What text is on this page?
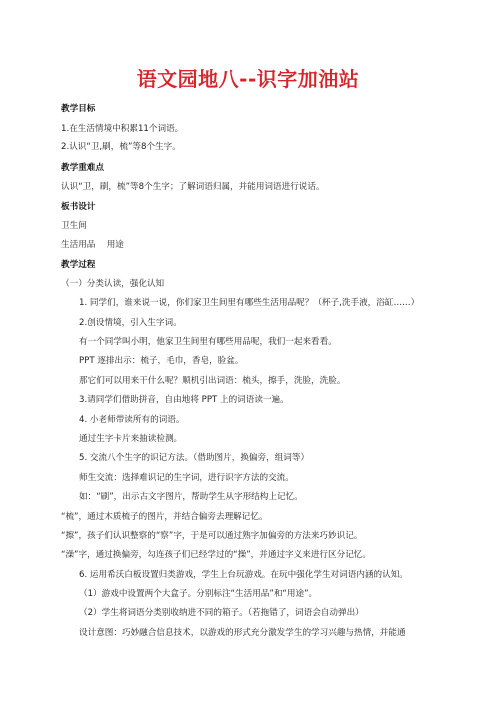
语文园地八--识字加油站
教学目标
1.在生活情境中积累11个词语。
2.认识“卫,刷，梳”等8个生字。
教学重难点
认识“卫，刷，梳”等8个生字；了解词语归属，并能用词语进行说话。
板书设计
卫生间
生活用品　 用途
教学过程
（一）分类认读，强化认知
1. 同学们，谁来说一说，你们家卫生间里有哪些生活用品呢？（杯子,洗手液，浴缸……）
2.创设情境，引入生字词。
有一个同学叫小明，他家卫生间里有哪些用品呢，我们一起来看看。
PPT 逐排出示：梳子，毛巾，香皂，脸盆。
那它们可以用来干什么呢？顺机引出词语：梳头，擦手，洗脸，洗脸。
3.请同学们借助拼音，自由地将 PPT 上的词语读一遍。
4. 小老师带读所有的词语。
通过生字卡片来抽读检测。
5. 交流八个生字的识记方法。（借助图片，换偏旁，组词等）
师生交流：选择难识记的生字词，进行识字方法的交流。
如：“刷”，出示古文字图片，帮助学生从字形结构上记忆。
“梳”，通过木质梳子的图片，并结合偏旁去理解记忆。
“擦”，孩子们认识整察的“察”字，于是可以通过熟字加偏旁的方法来巧妙识记。
“澡”字，通过换偏旁，勾连孩子们已经学过的“操”，并通过字义来进行区分记忆。
6. 运用希沃白板设置归类游戏，学生上台玩游戏。在玩中强化学生对词语内涵的认知。
（1）游戏中设置两个大盒子。分别标注“生活用品”和“用途”。
（2）学生将词语分类别收纳进不同的箱子。（若拖错了，词语会自动弹出）
设计意图：巧妙融合信息技术，以游戏的形式充分激发学生的学习兴趣与热情，并能通
